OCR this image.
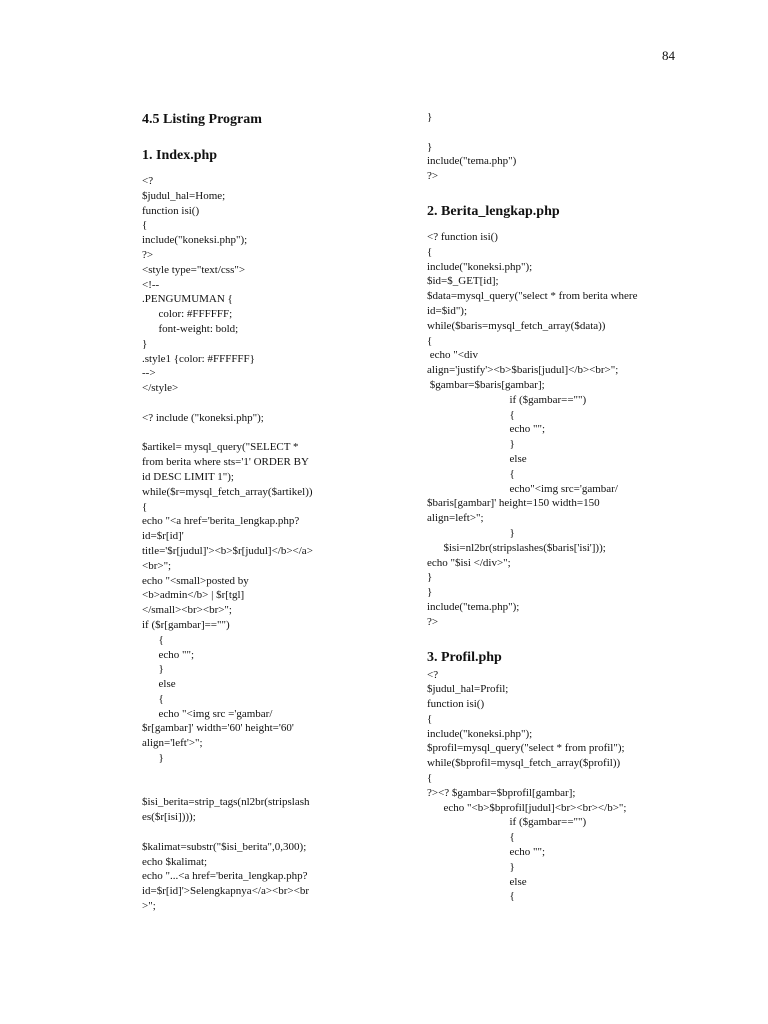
84
4.5 Listing Program
1. Index.php
<?
$judul_hal=Home;
function isi()
{
include("koneksi.php");
?>
<style type="text/css">
<!--
.PENGUMUMAN {
color: #FFFFFF;
font-weight: bold;
}
.style1 {color: #FFFFFF}
-->
</style>

<? include ("koneksi.php");

$artikel= mysql_query("SELECT *
from berita where sts='1' ORDER BY
id DESC LIMIT 1");
while($r=mysql_fetch_array($artikel))
{
echo "<a href='berita_lengkap.php?
id=$r[id]'
title='$r[judul]'><b>$r[judul]</b></a>
<br>";
echo "<small>posted by
<b>admin</b> | $r[tgl]
</small><br><br>";
if ($r[gambar]=="")
{
echo "";
}
else
{
echo "<img src ='gambar/
$r[gambar]' width='60' height='60'
align='left'>";
}

$isi_berita=strip_tags(nl2br(stripslash
es($r[isi])));

$kalimat=substr("$isi_berita",0,300);
echo $kalimat;
echo "...<a href='berita_lengkap.php?
id=$r[id]'>Selengkapnya</a><br><br
>";
}

}
include("tema.php")
?>
2. Berita_lengkap.php
<? function isi()
{
include("koneksi.php");
$id=$_GET[id];
$data=mysql_query("select * from berita where
id=$id");
while($baris=mysql_fetch_array($data))
{
echo "<div
align='justify'><b>$baris[judul]</b><br>";
$gambar=$baris[gambar];
if ($gambar=="")
{
echo "";
}
else
{
echo"<img src='gambar/
$baris[gambar]' height=150 width=150
align=left>";
}
$isi=nl2br(stripslashes($baris['isi']));
echo "$isi </div>";
}
}
include("tema.php");
?>
3. Profil.php
<?
$judul_hal=Profil;
function isi()
{
include("koneksi.php");
$profil=mysql_query("select * from profil");
while($bprofil=mysql_fetch_array($profil))
{
?><? $gambar=$bprofil[gambar];
echo "<b>$bprofil[judul]<br><br></b>";
if ($gambar=="")
{
echo "";
}
else
{
